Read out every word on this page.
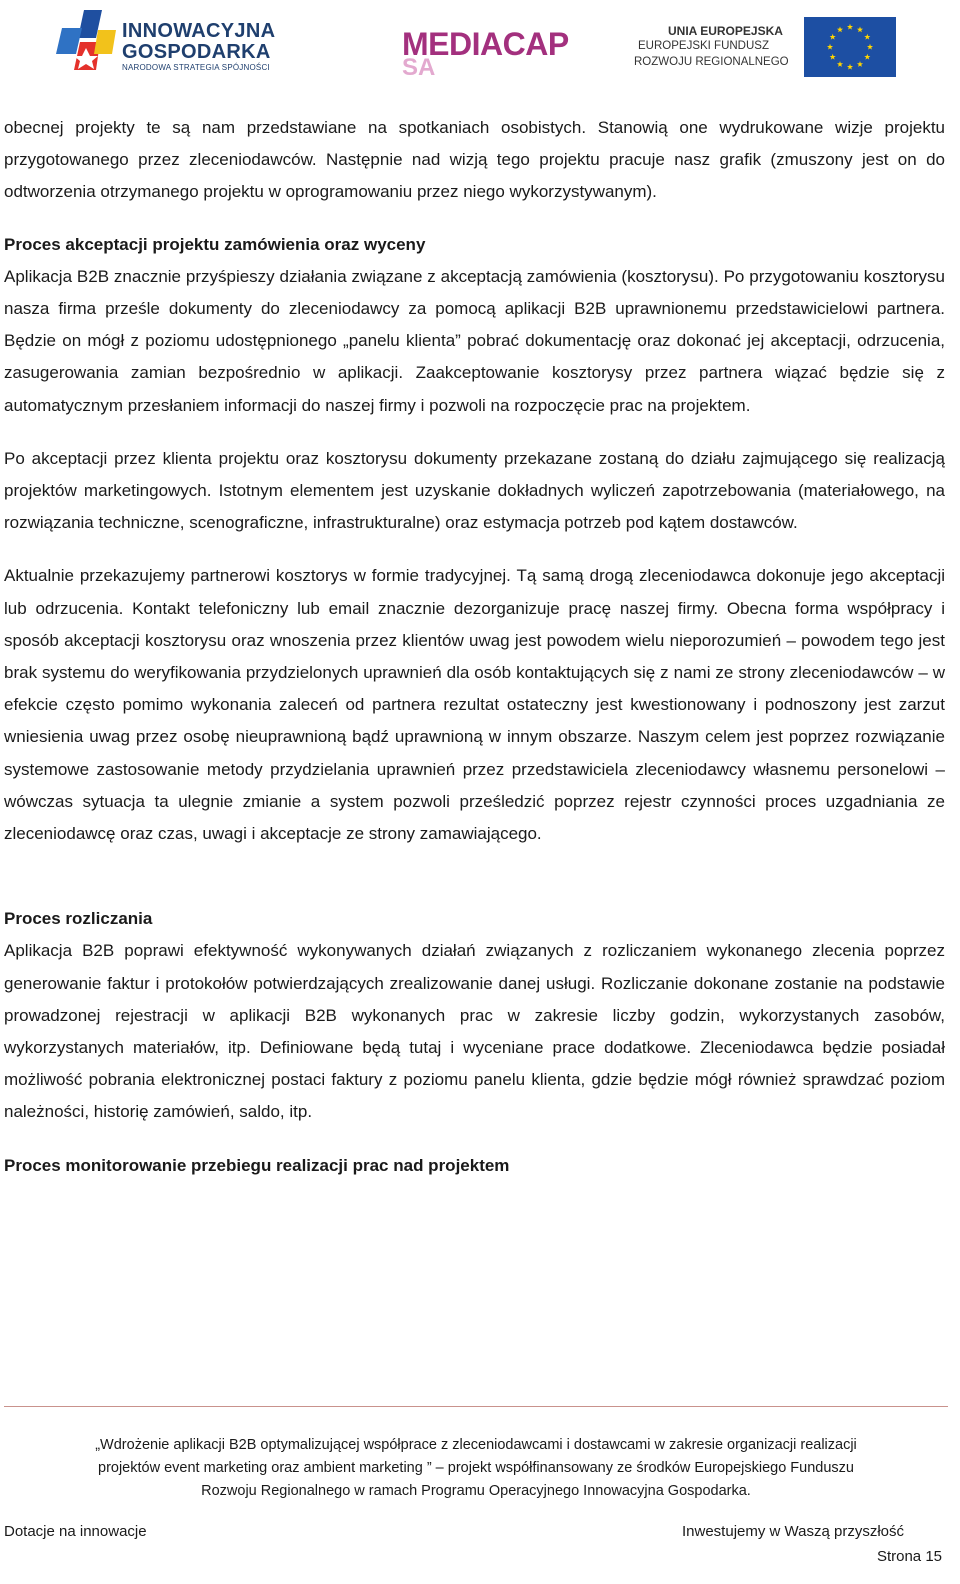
INNOWACYJNA
GOSPODARKA
NARODOWA STRATEGIA SPÓJNOŚCI
MEDIACAP
SA
UNIA EUROPEJSKA
EUROPEJSKI FUNDUSZ
ROZWOJU REGIONALNEGO

obecnej projekty te są nam przedstawiane na spotkaniach osobistych. Stanowią one wydrukowane wizje projektu przygotowanego przez zleceniodawców. Następnie nad wizją tego projektu pracuje nasz grafik (zmuszony jest on do odtworzenia otrzymanego projektu w oprogramowaniu przez niego wykorzystywanym).

Proces akceptacji projektu zamówienia oraz wyceny

Aplikacja B2B znacznie przyśpieszy działania związane z akceptacją zamówienia (kosztorysu). Po przygotowaniu kosztorysu nasza firma prześle dokumenty do zleceniodawcy za pomocą aplikacji B2B uprawnionemu przedstawicielowi partnera. Będzie on mógł z poziomu udostępnionego „panelu klienta” pobrać dokumentację oraz dokonać jej akceptacji, odrzucenia, zasugerowania zamian bezpośrednio w aplikacji. Zaakceptowanie kosztorysy przez partnera wiązać będzie się z automatycznym przesłaniem informacji do naszej firmy i pozwoli na rozpoczęcie prac na projektem.

Po akceptacji przez klienta projektu oraz kosztorysu dokumenty przekazane zostaną do działu zajmującego się realizacją projektów marketingowych. Istotnym elementem jest uzyskanie dokładnych wyliczeń zapotrzebowania (materiałowego, na rozwiązania techniczne, scenograficzne, infrastrukturalne) oraz estymacja potrzeb pod kątem dostawców.

Aktualnie przekazujemy partnerowi kosztorys w formie tradycyjnej. Tą samą drogą zleceniodawca dokonuje jego akceptacji lub odrzucenia. Kontakt telefoniczny lub email znacznie dezorganizuje pracę naszej firmy. Obecna forma współpracy i sposób akceptacji kosztorysu oraz wnoszenia przez klientów uwag jest powodem wielu nieporozumień – powodem tego jest brak systemu do weryfikowania przydzielonych uprawnień dla osób kontaktujących się z nami ze strony zleceniodawców – w efekcie często pomimo wykonania zaleceń od partnera rezultat ostateczny jest kwestionowany i podnoszony jest zarzut wniesienia uwag przez osobę nieuprawnioną bądź uprawnioną w innym obszarze. Naszym celem jest poprzez rozwiązanie systemowe zastosowanie metody przydzielania uprawnień przez przedstawiciela zleceniodawcy własnemu personelowi – wówczas sytuacja ta ulegnie zmianie a system pozwoli prześledzić poprzez rejestr czynności proces uzgadniania ze zleceniodawcę oraz czas, uwagi i akceptacje ze strony zamawiającego.

Proces rozliczania

Aplikacja B2B poprawi efektywność wykonywanych działań związanych z rozliczaniem wykonanego zlecenia poprzez generowanie faktur i protokołów potwierdzających zrealizowanie danej usługi. Rozliczanie dokonane zostanie na podstawie prowadzonej rejestracji w aplikacji B2B wykonanych prac w zakresie liczby godzin, wykorzystanych zasobów, wykorzystanych materiałów, itp. Definiowane będą tutaj i wyceniane prace dodatkowe. Zleceniodawca będzie posiadał możliwość pobrania elektronicznej postaci faktury z poziomu panelu klienta, gdzie będzie mógł również sprawdzać poziom należności, historię zamówień, saldo, itp.

Proces monitorowanie przebiegu realizacji prac nad projektem

„Wdrożenie aplikacji B2B optymalizującej współprace z zleceniodawcami i dostawcami w zakresie organizacji realizacji
projektów event marketing oraz ambient marketing ” – projekt współfinansowany ze środków Europejskiego Funduszu
Rozwoju Regionalnego w ramach Programu Operacyjnego Innowacyjna Gospodarka.
Dotacje na innowacje	Inwestujemy w Waszą przyszłość
Strona 15
